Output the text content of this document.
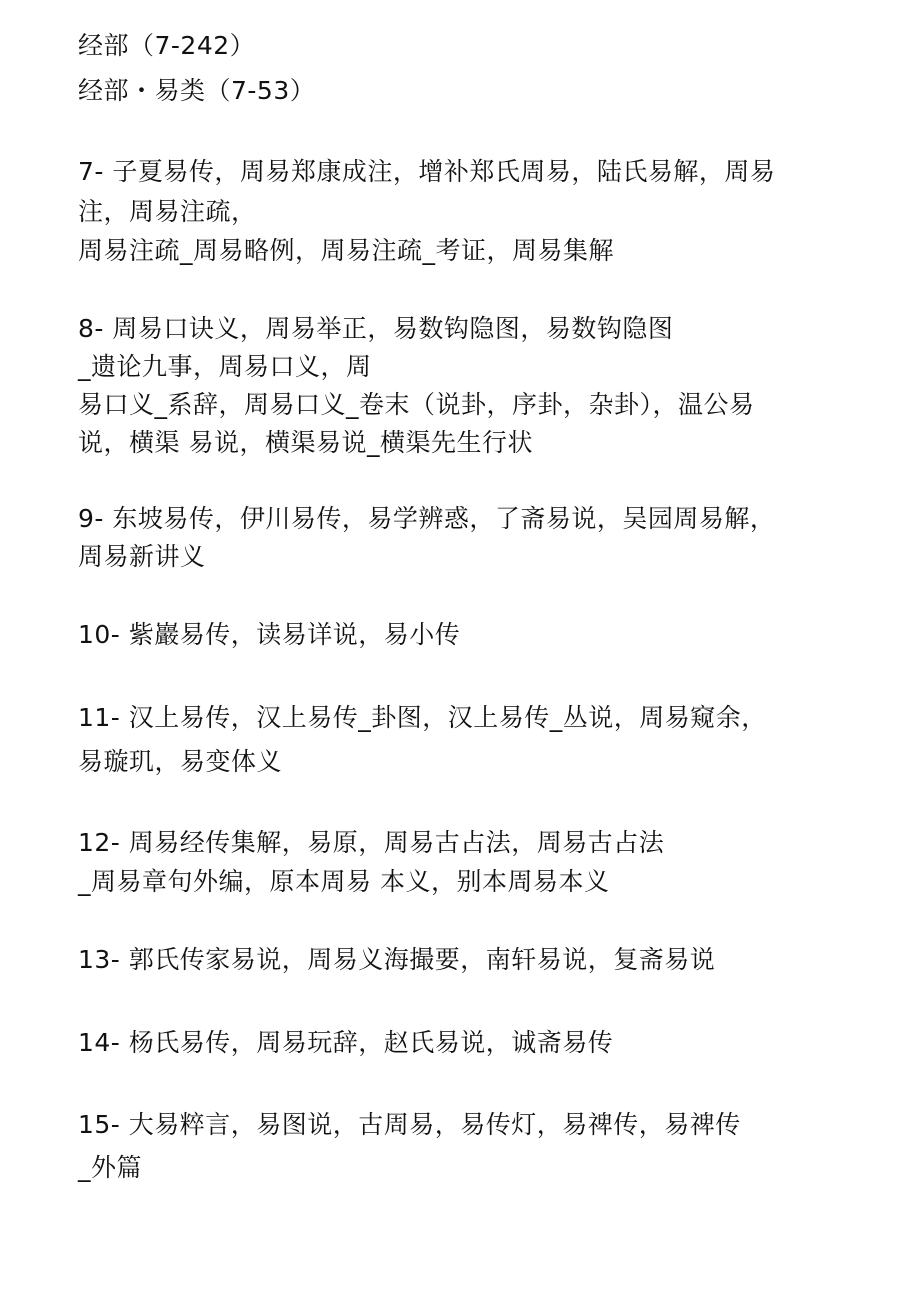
经部（7-242）
经部・易类（7-53）
7- 子夏易传，周易郑康成注，增补郑氏周易，陆氏易解，周易
注，周易注疏，
周易注疏_周易略例，周易注疏_考证，周易集解
8- 周易口诀义，周易举正，易数钩隐图，易数钩隐图
_遗论九事，周易口义，周
易口义_系辞，周易口义_卷末（说卦，序卦，杂卦），温公易
说，横渠 易说，横渠易说_横渠先生行状
9- 东坡易传，伊川易传，易学辨惑，了斋易说，吴园周易解，
周易新讲义
10- 紫巖易传，读易详说，易小传
11- 汉上易传，汉上易传_卦图，汉上易传_丛说，周易窥余，
易璇玑，易变体义
12- 周易经传集解，易原，周易古占法，周易古占法
_周易章句外编，原本周易 本义，别本周易本义
13- 郭氏传家易说，周易义海撮要，南轩易说，复斋易说
14- 杨氏易传，周易玩辞，赵氏易说，诚斋易传
15- 大易粹言，易图说，古周易，易传灯，易禆传，易禆传
_外篇
